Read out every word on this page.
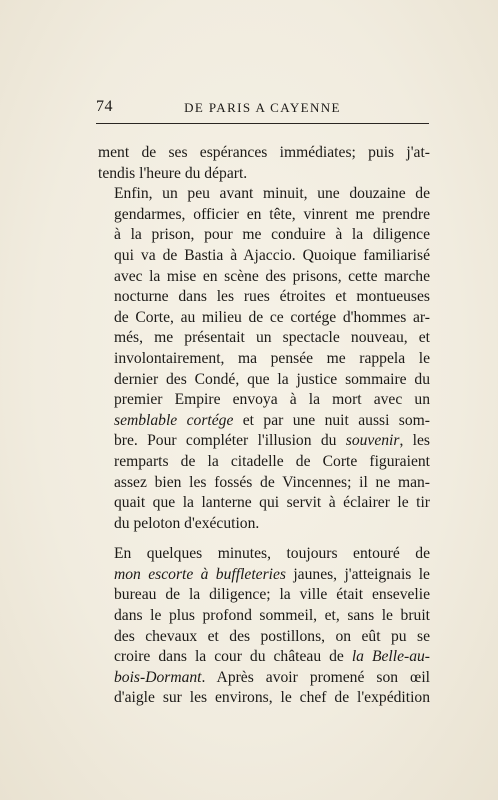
74	DE PARIS A CAYENNE

ment de ses espérances immédiates; puis j'at-
tendis l'heure du départ.

Enfin, un peu avant minuit, une douzaine de
gendarmes, officier en tête, vinrent me prendre
à la prison, pour me conduire à la diligence
qui va de Bastia à Ajaccio. Quoique familiarisé
avec la mise en scène des prisons, cette marche
nocturne dans les rues étroites et montueuses
de Corte, au milieu de ce cortége d'hommes ar-
més, me présentait un spectacle nouveau, et
involontairement, ma pensée me rappela le
dernier des Condé, que la justice sommaire du
premier Empire envoya à la mort avec un
semblable cortége et par une nuit aussi som-
bre. Pour compléter l'illusion du souvenir, les
remparts de la citadelle de Corte figuraient
assez bien les fossés de Vincennes; il ne man-
quait que la lanterne qui servit à éclairer le tir
du peloton d'exécution.

En quelques minutes, toujours entouré de
mon escorte à buffleteries jaunes, j'atteignais le
bureau de la diligence; la ville était ensevelie
dans le plus profond sommeil, et, sans le bruit
des chevaux et des postillons, on eût pu se
croire dans la cour du château de la Belle-au-
bois-Dormant. Après avoir promené son œil
d'aigle sur les environs, le chef de l'expédition
